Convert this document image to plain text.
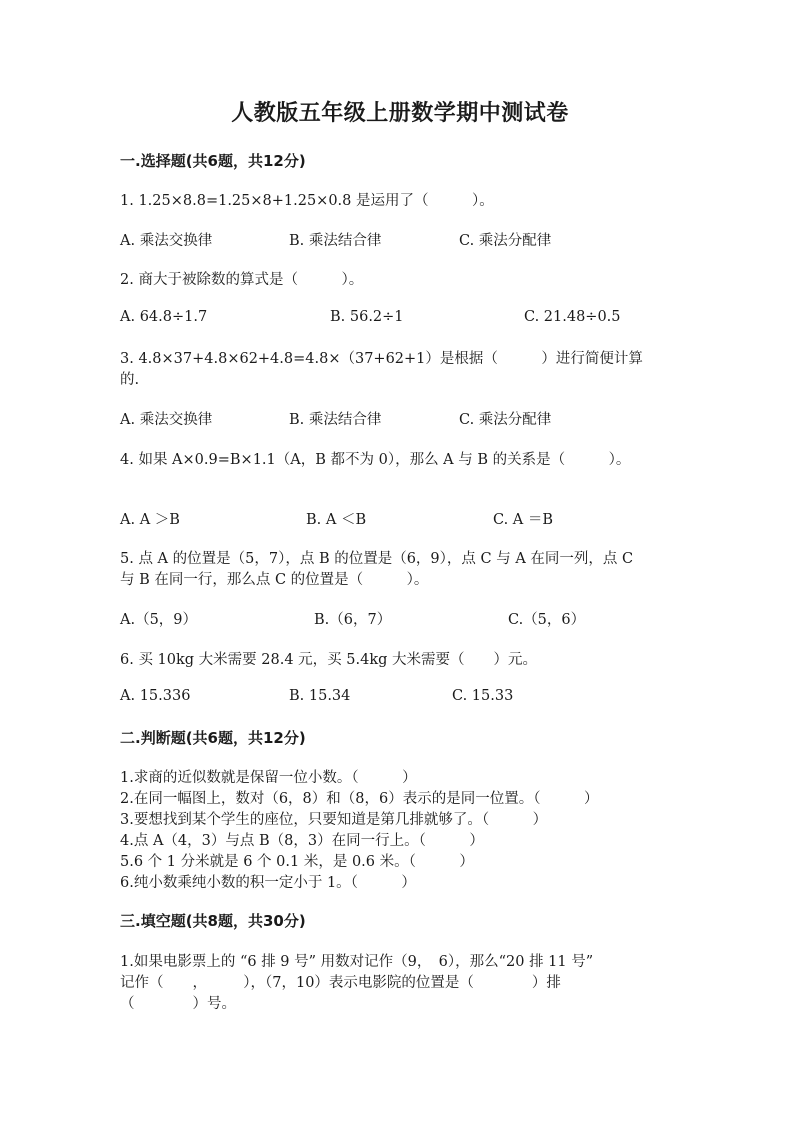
人教版五年级上册数学期中测试卷
一.选择题(共6题，共12分)
1. 1.25×8.8=1.25×8+1.25×0.8 是运用了（　　　）。
A. 乘法交换律	B. 乘法结合律	C. 乘法分配律
2. 商大于被除数的算式是（　　　）。
A. 64.8÷1.7	B. 56.2÷1	C. 21.48÷0.5
3. 4.8×37+4.8×62+4.8=4.8×（37+62+1）是根据（　　　）进行简便计算
的.
A. 乘法交换律	B. 乘法结合律	C. 乘法分配律
4. 如果 A×0.9=B×1.1（A，B 都不为 0），那么 A 与 B 的关系是（　　　）。
A. A ＞B	B. A ＜B	C. A ＝B
5. 点 A 的位置是（5，7），点 B 的位置是（6，9），点 C 与 A 在同一列，点 C
与 B 在同一行，那么点 C 的位置是（　　　）。
A.（5，9）	B.（6，7）	C.（5，6）
6. 买 10kg 大米需要 28.4 元，买 5.4kg 大米需要（　　）元。
A. 15.336	B. 15.34	C. 15.33
二.判断题(共6题，共12分)
1.求商的近似数就是保留一位小数。（　　　）
2.在同一幅图上，数对（6，8）和（8，6）表示的是同一位置。（　　　）
3.要想找到某个学生的座位，只要知道是第几排就够了。（　　　）
4.点 A（4，3）与点 B（8，3）在同一行上。（　　　）
5.6 个 1 分米就是 6 个 0.1 米，是 0.6 米。（　　　）
6.纯小数乘纯小数的积一定小于 1。（　　　）
三.填空题(共8题，共30分)
1.如果电影票上的 “6 排 9 号” 用数对记作（9，　6），那么“20 排 11 号”
记作（　　，　　　），（7，10）表示电影院的位置是（　　　　）排
（　　　　）号。
